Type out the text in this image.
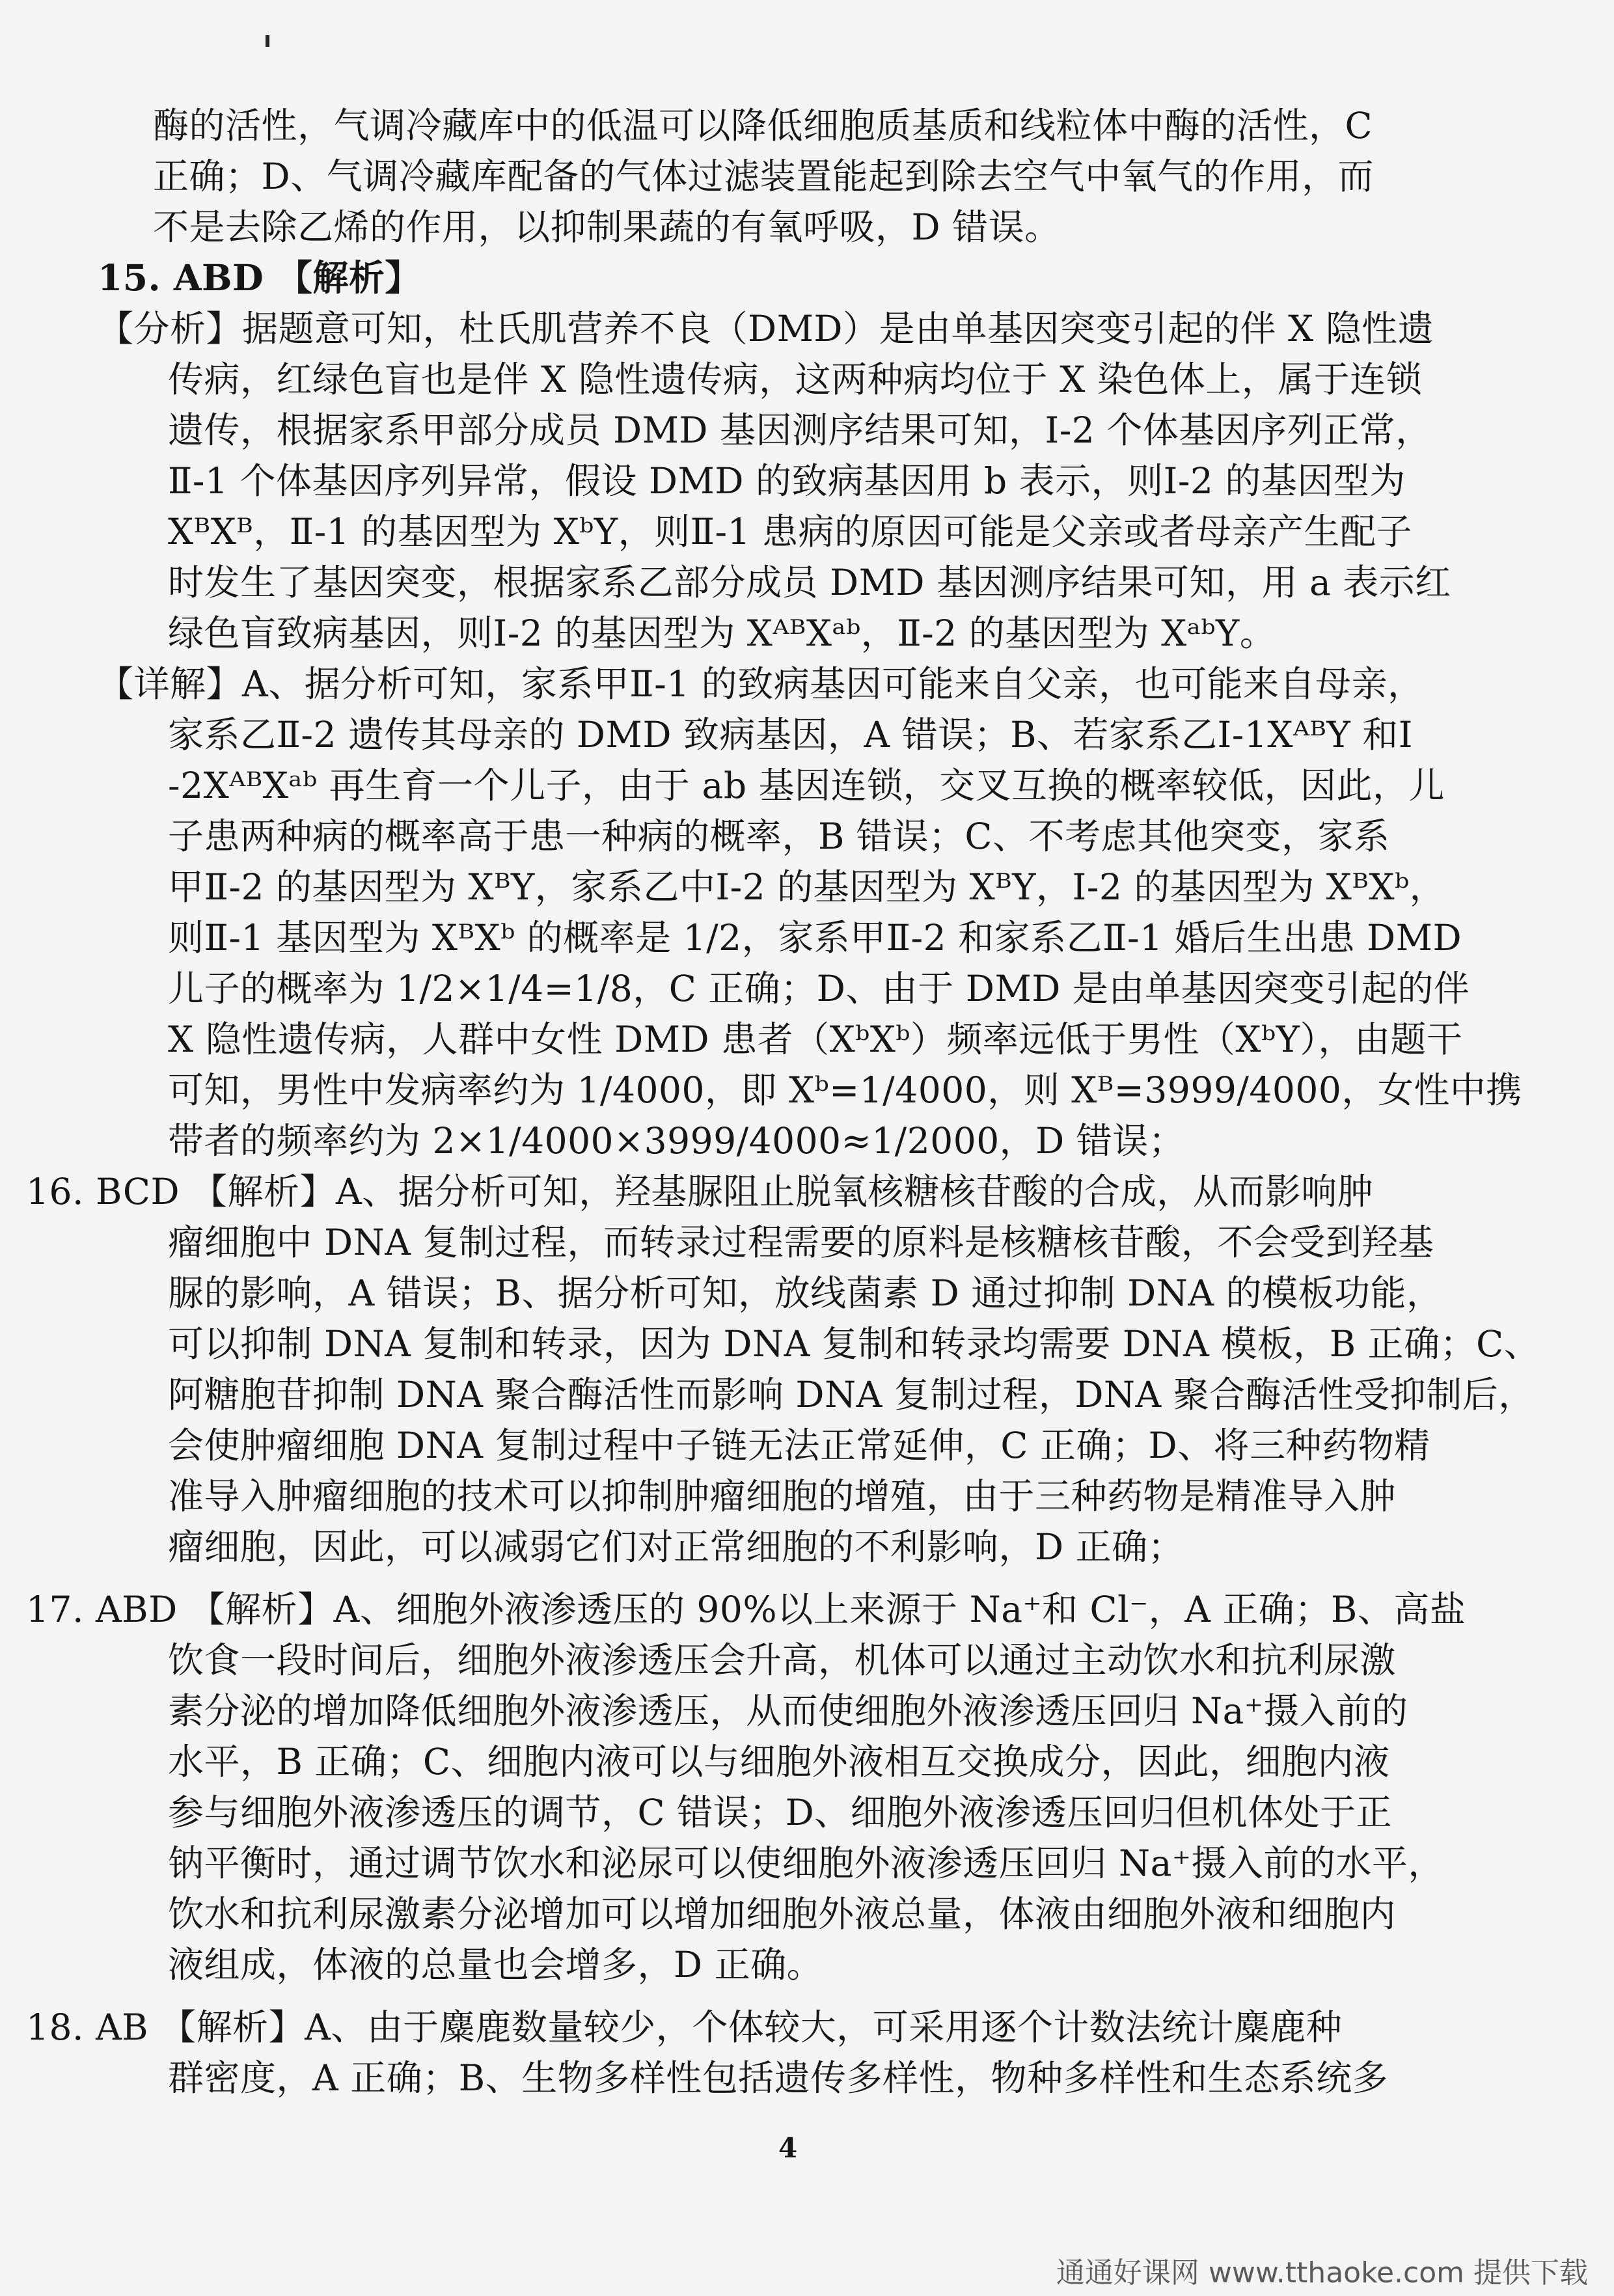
酶的活性，气调冷藏库中的低温可以降低细胞质基质和线粒体中酶的活性，C
正确；D、气调冷藏库配备的气体过滤装置能起到除去空气中氧气的作用，而
不是去除乙烯的作用，以抑制果蔬的有氧呼吸，D 错误。
15. ABD 【解析】
【分析】据题意可知，杜氏肌营养不良（DMD）是由单基因突变引起的伴 X 隐性遗
传病，红绿色盲也是伴 X 隐性遗传病，这两种病均位于 X 染色体上，属于连锁
遗传，根据家系甲部分成员 DMD 基因测序结果可知，Ⅰ-2 个体基因序列正常，
Ⅱ-1 个体基因序列异常，假设 DMD 的致病基因用 b 表示，则Ⅰ-2 的基因型为
XᴮXᴮ，Ⅱ-1 的基因型为 XᵇY，则Ⅱ-1 患病的原因可能是父亲或者母亲产生配子
时发生了基因突变，根据家系乙部分成员 DMD 基因测序结果可知，用 a 表示红
绿色盲致病基因，则Ⅰ-2 的基因型为 XᴬᴮXᵃᵇ，Ⅱ-2 的基因型为 XᵃᵇY。
【详解】A、据分析可知，家系甲Ⅱ-1 的致病基因可能来自父亲，也可能来自母亲，
家系乙Ⅱ-2 遗传其母亲的 DMD 致病基因，A 错误；B、若家系乙Ⅰ-1XᴬᴮY 和Ⅰ
-2XᴬᴮXᵃᵇ 再生育一个儿子，由于 ab 基因连锁，交叉互换的概率较低，因此，儿
子患两种病的概率高于患一种病的概率，B 错误；C、不考虑其他突变，家系
甲Ⅱ-2 的基因型为 XᴮY，家系乙中Ⅰ-2 的基因型为 XᴮY，Ⅰ-2 的基因型为 XᴮXᵇ，
则Ⅱ-1 基因型为 XᴮXᵇ 的概率是 1/2，家系甲Ⅱ-2 和家系乙Ⅱ-1 婚后生出患 DMD
儿子的概率为 1/2×1/4=1/8，C 正确；D、由于 DMD 是由单基因突变引起的伴
X 隐性遗传病，人群中女性 DMD 患者（XᵇXᵇ）频率远低于男性（XᵇY），由题干
可知，男性中发病率约为 1/4000，即 Xᵇ=1/4000，则 Xᴮ=3999/4000，女性中携
带者的频率约为 2×1/4000×3999/4000≈1/2000，D 错误；
16. BCD 【解析】A、据分析可知，羟基脲阻止脱氧核糖核苷酸的合成，从而影响肿
瘤细胞中 DNA 复制过程，而转录过程需要的原料是核糖核苷酸，不会受到羟基
脲的影响，A 错误；B、据分析可知，放线菌素 D 通过抑制 DNA 的模板功能，
可以抑制 DNA 复制和转录，因为 DNA 复制和转录均需要 DNA 模板，B 正确；C、
阿糖胞苷抑制 DNA 聚合酶活性而影响 DNA 复制过程，DNA 聚合酶活性受抑制后，
会使肿瘤细胞 DNA 复制过程中子链无法正常延伸，C 正确；D、将三种药物精
准导入肿瘤细胞的技术可以抑制肿瘤细胞的增殖，由于三种药物是精准导入肿
瘤细胞，因此，可以减弱它们对正常细胞的不利影响，D 正确；
17. ABD 【解析】A、细胞外液渗透压的 90%以上来源于 Na⁺和 Cl⁻，A 正确；B、高盐
饮食一段时间后，细胞外液渗透压会升高，机体可以通过主动饮水和抗利尿激
素分泌的增加降低细胞外液渗透压，从而使细胞外液渗透压回归 Na⁺摄入前的
水平，B 正确；C、细胞内液可以与细胞外液相互交换成分，因此，细胞内液
参与细胞外液渗透压的调节，C 错误；D、细胞外液渗透压回归但机体处于正
钠平衡时，通过调节饮水和泌尿可以使细胞外液渗透压回归 Na⁺摄入前的水平，
饮水和抗利尿激素分泌增加可以增加细胞外液总量，体液由细胞外液和细胞内
液组成，体液的总量也会增多，D 正确。
18. AB 【解析】A、由于麋鹿数量较少，个体较大，可采用逐个计数法统计麋鹿种
群密度，A 正确；B、生物多样性包括遗传多样性，物种多样性和生态系统多
4
通通好课网 www.tthaoke.com 提供下载
